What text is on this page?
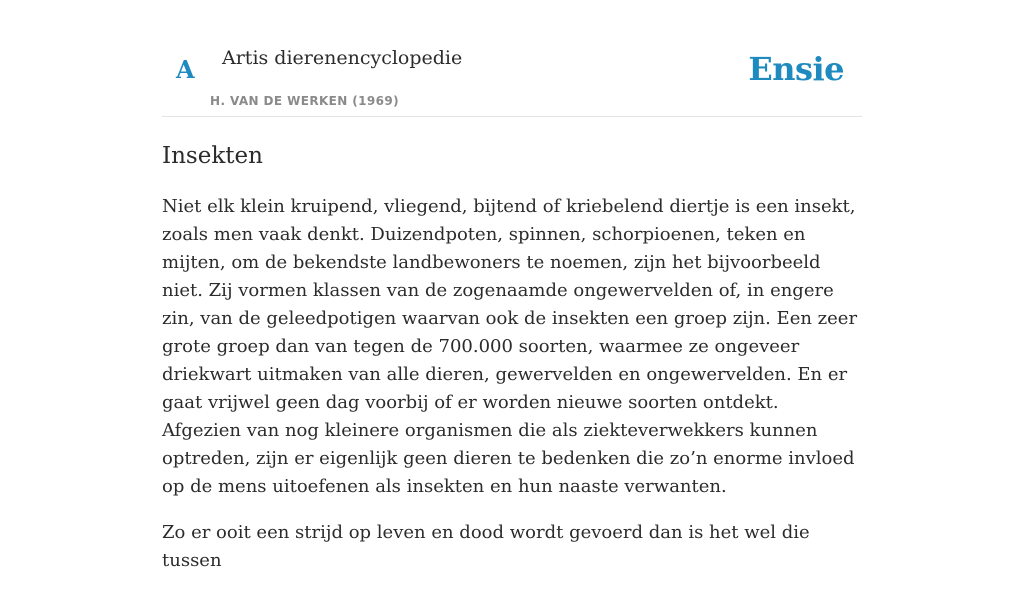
A Artis dierenencyclopedie
H. VAN DE WERKEN (1969)
Ensie
Insekten

Niet elk klein kruipend, vliegend, bijtend of kriebelend diertje is een insekt, zoals men vaak denkt. Duizendpoten, spinnen, schorpioenen, teken en mijten, om de bekendste landbewoners te noemen, zijn het bijvoorbeeld niet. Zij vormen klassen van de zogenaamde ongewervelden of, in engere zin, van de geleedpotigen waarvan ook de insekten een groep zijn. Een zeer grote groep dan van tegen de 700.000 soorten, waarmee ze ongeveer driekwart uitmaken van alle dieren, gewervelden en ongewervelden. En er gaat vrijwel geen dag voorbij of er worden nieuwe soorten ontdekt. Afgezien van nog kleinere organismen die als ziekteverwekkers kunnen optreden, zijn er eigenlijk geen dieren te bedenken die zo’n enorme invloed op de mens uitoefenen als insekten en hun naaste verwanten.

Zo er ooit een strijd op leven en dood wordt gevoerd dan is het wel die tussen
